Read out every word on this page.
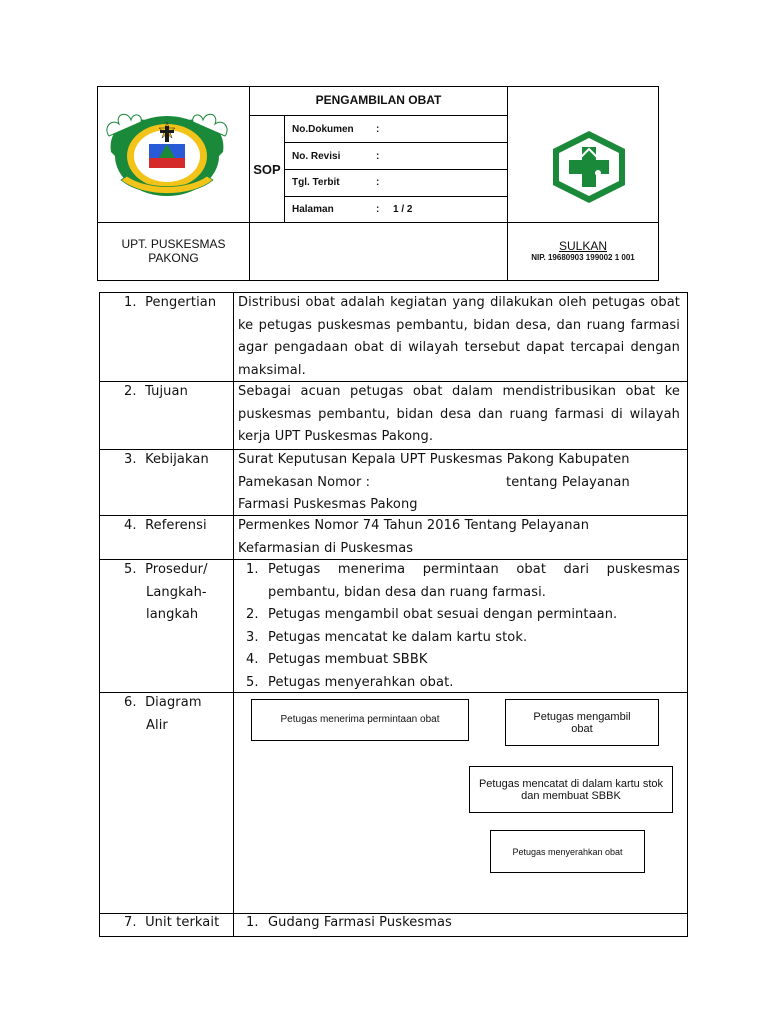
PENGAMBILAN OBAT
SOP
No.Dokumen :
No. Revisi	:
Tgl. Terbit	:
Halaman	: 1 / 2
UPT. PUSKESMAS
PAKONG
SULKAN
NIP. 19680903 199002 1 001
1.  Pengertian Distribusi obat adalah kegiatan yang dilakukan oleh petugas obat
ke petugas puskesmas pembantu, bidan desa, dan ruang farmasi
agar pengadaan obat di wilayah tersebut dapat tercapai dengan
maksimal.
2.  Tujuan	Sebagai acuan petugas obat dalam mendistribusikan obat ke
puskesmas pembantu, bidan desa dan ruang farmasi di wilayah
kerja UPT Puskesmas Pakong.
3.  Kebijakan Surat Keputusan Kepala UPT Puskesmas Pakong Kabupaten
Pamekasan Nomor :	tentang Pelayanan
Farmasi Puskesmas Pakong
4.  Referensi Permenkes Nomor 74 Tahun 2016 Tentang Pelayanan
Kefarmasian di Puskesmas
5.  Prosedur/
Langkah-
langkah
1. Petugas   menerima   permintaan   obat   dari   puskesmas
pembantu, bidan desa dan ruang farmasi.
2. Petugas mengambil obat sesuai dengan permintaan.
3. Petugas mencatat ke dalam kartu stok.
4. Petugas membuat SBBK
5. Petugas menyerahkan obat.
6.  Diagram
Alir	Petugas menerima permintaan obat	Petugas mengambil obat
Petugas mencatat di dalam kartu stok dan membuat SBBK
Petugas menyerahkan obat
7.  Unit terkait 1. Gudang Farmasi Puskesmas
